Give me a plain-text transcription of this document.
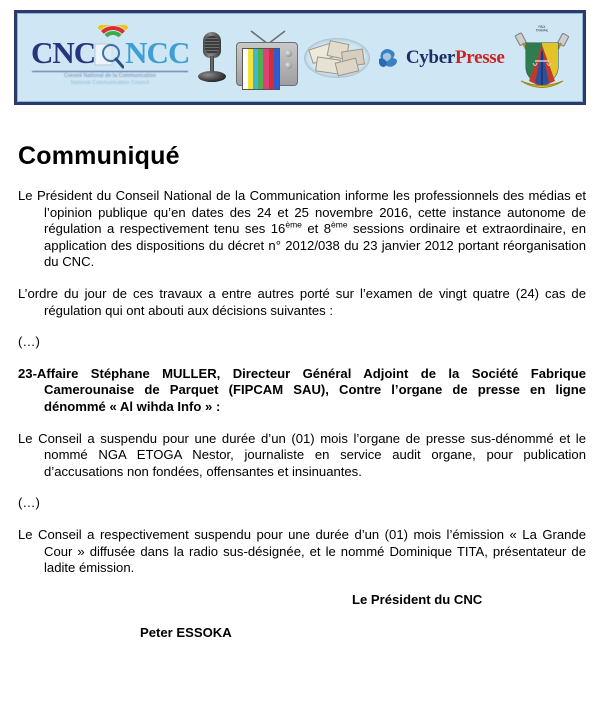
CNC NCC
Conseil National de la Communication
National Communication Council
CyberPresse
PAIX
TRAVAIL
Communiqué

Le Président du Conseil National de la Communication informe les professionnels des médias et l’opinion publique qu’en dates des 24 et 25 novembre 2016, cette instance autonome de régulation a respectivement tenu ses 16ème et 8ème sessions ordinaire et extraordinaire, en application des dispositions du décret n° 2012/038 du 23 janvier 2012 portant réorganisation du CNC.

L’ordre du jour de ces travaux a entre autres porté sur l’examen de vingt quatre (24) cas de régulation qui ont abouti aux décisions suivantes :

(…)

23-Affaire Stéphane MULLER, Directeur Général Adjoint de la Société Fabrique Camerounaise de Parquet (FIPCAM SAU), Contre l’organe de presse en ligne dénommé « Al wihda Info » :

Le Conseil a suspendu pour une durée d’un (01) mois l’organe de presse sus-dénommé et le nommé NGA ETOGA Nestor, journaliste en service audit organe, pour publication d’accusations non fondées, offensantes et insinuantes.

(…)

Le Conseil a respectivement suspendu pour une durée d’un (01) mois l’émission « La Grande Cour » diffusée dans la radio sus-désignée, et le nommé Dominique TITA, présentateur de ladite émission.

Le Président du CNC

Peter ESSOKA
